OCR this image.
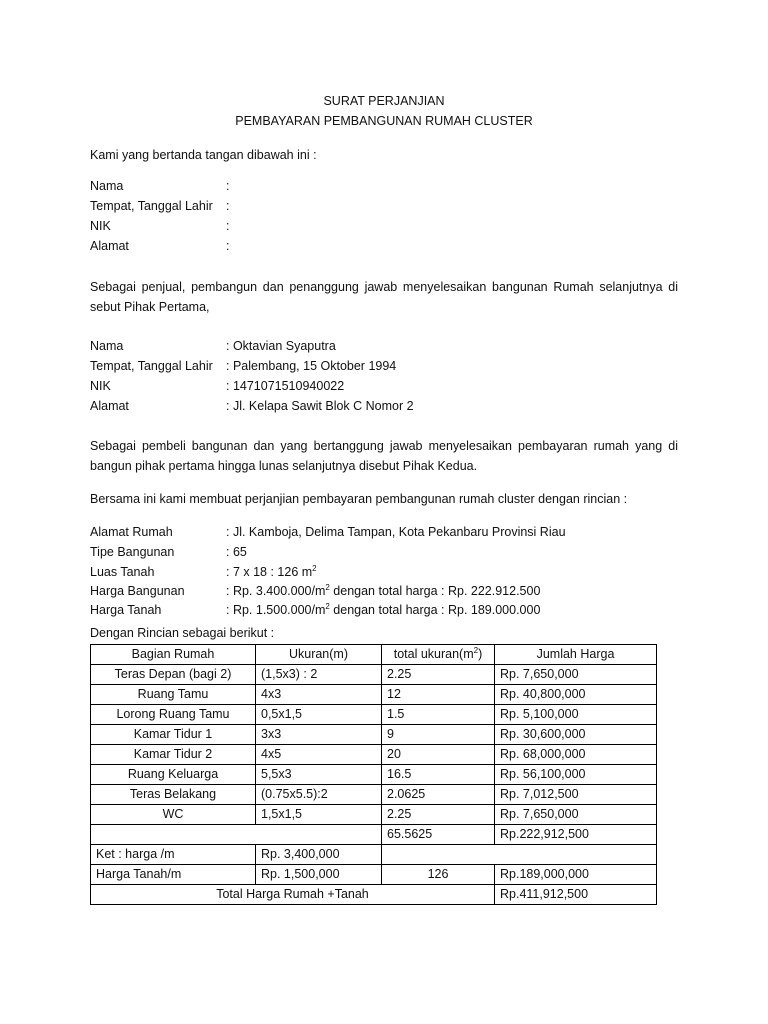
SURAT PERJANJIAN
PEMBAYARAN PEMBANGUNAN RUMAH CLUSTER
Kami yang bertanda tangan dibawah ini :
Nama	:
Tempat, Tanggal Lahir :
NIK	:
Alamat	:
Sebagai penjual, pembangun dan penanggung jawab menyelesaikan bangunan Rumah selanjutnya di
sebut Pihak Pertama,
Nama	: Oktavian Syaputra
Tempat, Tanggal Lahir : Palembang, 15 Oktober 1994
NIK	: 1471071510940022
Alamat	: Jl. Kelapa Sawit Blok C Nomor 2
Sebagai pembeli bangunan dan yang bertanggung jawab menyelesaikan pembayaran rumah yang di
bangun pihak pertama hingga lunas selanjutnya disebut Pihak Kedua.
Bersama ini kami membuat perjanjian pembayaran pembangunan rumah cluster dengan rincian :
Alamat Rumah	: Jl. Kamboja, Delima Tampan, Kota Pekanbaru Provinsi Riau
Tipe Bangunan	: 65
Luas Tanah	: 7 x 18 : 126 $m^2$
Harga Bangunan	: Rp. $3.400.000/m^2$ dengan total harga : Rp. 222.912.500
Harga Tanah	: Rp. $1.500.000/m^2$ dengan total harga : Rp. 189.000.000
Dengan Rincian sebagai berikut :
Bagian Rumah	Ukuran(m)	total $ukuran(m^2)$	Jumlah Harga
Teras Depan (bagi 2)	(1,5x3) : 2	2.25	Rp. 7,650,000
Ruang Tamu	4x3	12	Rp. 40,800,000
Lorong Ruang Tamu	0,5x1,5	1.5	Rp. 5,100,000
Kamar Tidur 1	3x3	9	Rp. 30,600,000
Kamar Tidur 2	4x5	20	Rp. 68,000,000
Ruang Keluarga	5,5x3	16.5	Rp. 56,100,000
Teras Belakang	(0.75x5.5):2	2.0625	Rp. 7,012,500
WC	1,5x1,5	2.25	Rp. 7,650,000
		65.5625	Rp.222,912,500
Ket : harga /m	Rp. 3,400,000		
Harga Tanah/m	Rp. 1,500,000	126	Rp.189,000,000
Total Harga Rumah +Tanah			Rp.411,912,500
